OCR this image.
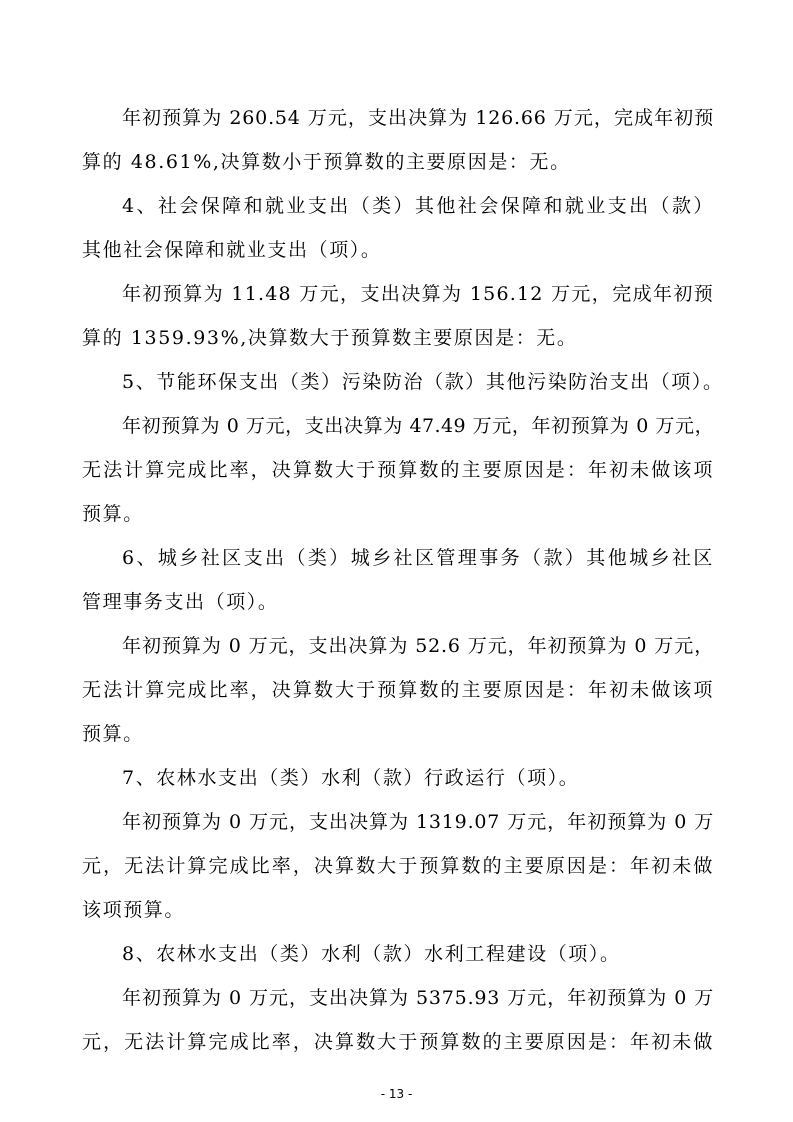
年初预算为 260.54 万元，支出决算为 126.66 万元，完成年初预
算的 48.61%,决算数小于预算数的主要原因是：无。
4、社会保障和就业支出（类）其他社会保障和就业支出（款）
其他社会保障和就业支出（项）。
年初预算为 11.48 万元，支出决算为 156.12 万元，完成年初预
算的 1359.93%,决算数大于预算数主要原因是：无。
5、节能环保支出（类）污染防治（款）其他污染防治支出（项）。
年初预算为 0 万元，支出决算为 47.49 万元，年初预算为 0 万元，
无法计算完成比率，决算数大于预算数的主要原因是：年初未做该项
预算。
6、城乡社区支出（类）城乡社区管理事务（款）其他城乡社区
管理事务支出（项）。
年初预算为 0 万元，支出决算为 52.6 万元，年初预算为 0 万元，
无法计算完成比率，决算数大于预算数的主要原因是：年初未做该项
预算。
7、农林水支出（类）水利（款）行政运行（项）。
年初预算为 0 万元，支出决算为 1319.07 万元，年初预算为 0 万
元，无法计算完成比率，决算数大于预算数的主要原因是：年初未做
该项预算。
8、农林水支出（类）水利（款）水利工程建设（项）。
年初预算为 0 万元，支出决算为 5375.93 万元，年初预算为 0 万
元，无法计算完成比率，决算数大于预算数的主要原因是：年初未做
- 13 -
